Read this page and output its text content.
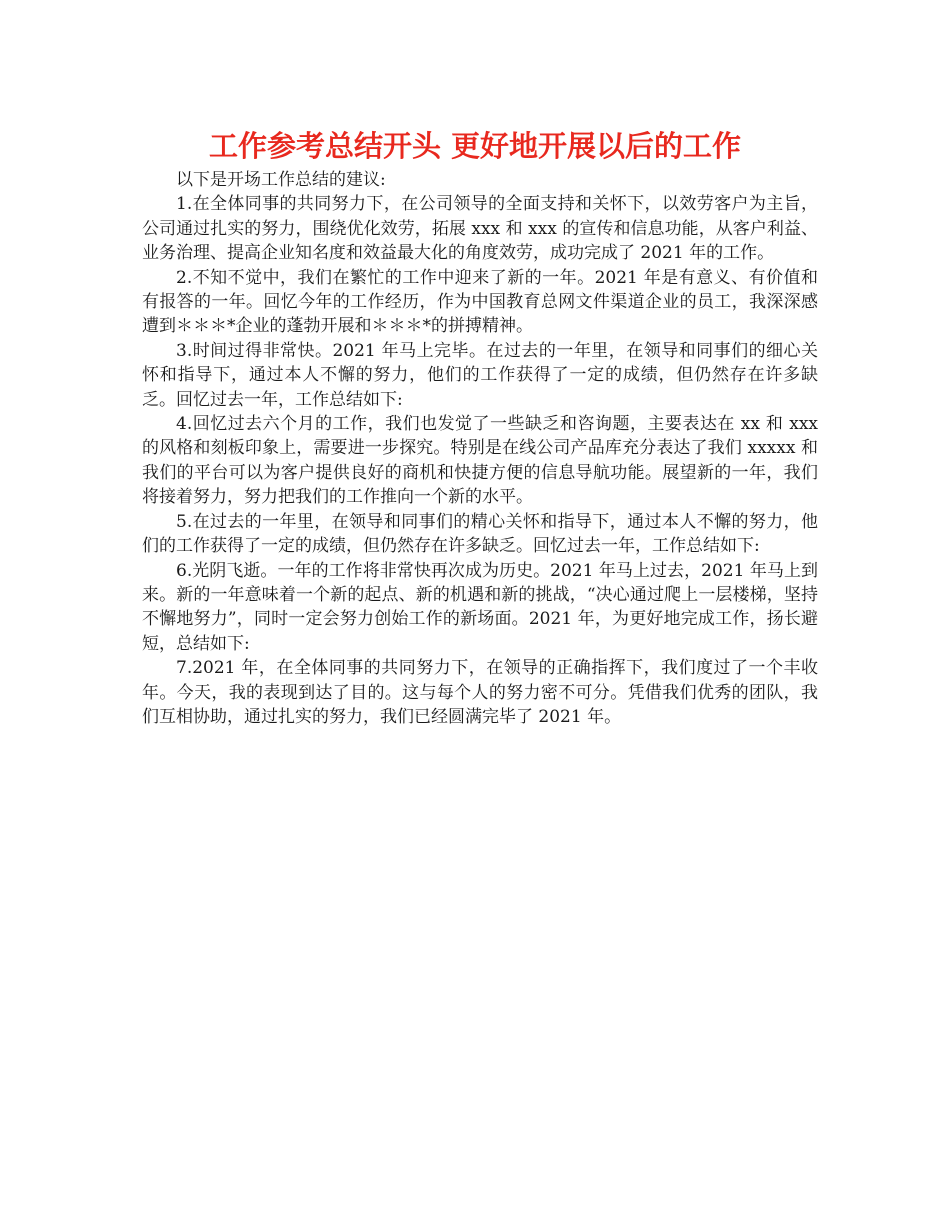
工作参考总结开头 更好地开展以后的工作

以下是开场工作总结的建议:

1.在全体同事的共同努力下，在公司领导的全面支持和关怀下，以效劳客户为主旨，公司通过扎实的努力，围绕优化效劳，拓展 xxx 和 xxx 的宣传和信息功能，从客户利益、业务治理、提高企业知名度和效益最大化的角度效劳，成功完成了 2021 年的工作。

2.不知不觉中，我们在繁忙的工作中迎来了新的一年。2021 年是有意义、有价值和有报答的一年。回忆今年的工作经历，作为中国教育总网文件渠道企业的员工，我深深感遭到＊＊＊*企业的蓬勃开展和＊＊＊*的拼搏精神。

3.时间过得非常快。2021 年马上完毕。在过去的一年里，在领导和同事们的细心关怀和指导下，通过本人不懈的努力，他们的工作获得了一定的成绩，但仍然存在许多缺乏。回忆过去一年，工作总结如下:

4.回忆过去六个月的工作，我们也发觉了一些缺乏和咨询题，主要表达在 xx 和 xxx 的风格和刻板印象上，需要进一步探究。特别是在线公司产品库充分表达了我们 xxxxx 和我们的平台可以为客户提供良好的商机和快捷方便的信息导航功能。展望新的一年，我们将接着努力，努力把我们的工作推向一个新的水平。

5.在过去的一年里，在领导和同事们的精心关怀和指导下，通过本人不懈的努力，他们的工作获得了一定的成绩，但仍然存在许多缺乏。回忆过去一年，工作总结如下:

6.光阴飞逝。一年的工作将非常快再次成为历史。2021 年马上过去，2021 年马上到来。新的一年意味着一个新的起点、新的机遇和新的挑战，“决心通过爬上一层楼梯，坚持不懈地努力”，同时一定会努力创始工作的新场面。2021 年，为更好地完成工作，扬长避短，总结如下:

7.2021 年，在全体同事的共同努力下，在领导的正确指挥下，我们度过了一个丰收年。今天，我的表现到达了目的。这与每个人的努力密不可分。凭借我们优秀的团队，我们互相协助，通过扎实的努力，我们已经圆满完毕了 2021 年。
